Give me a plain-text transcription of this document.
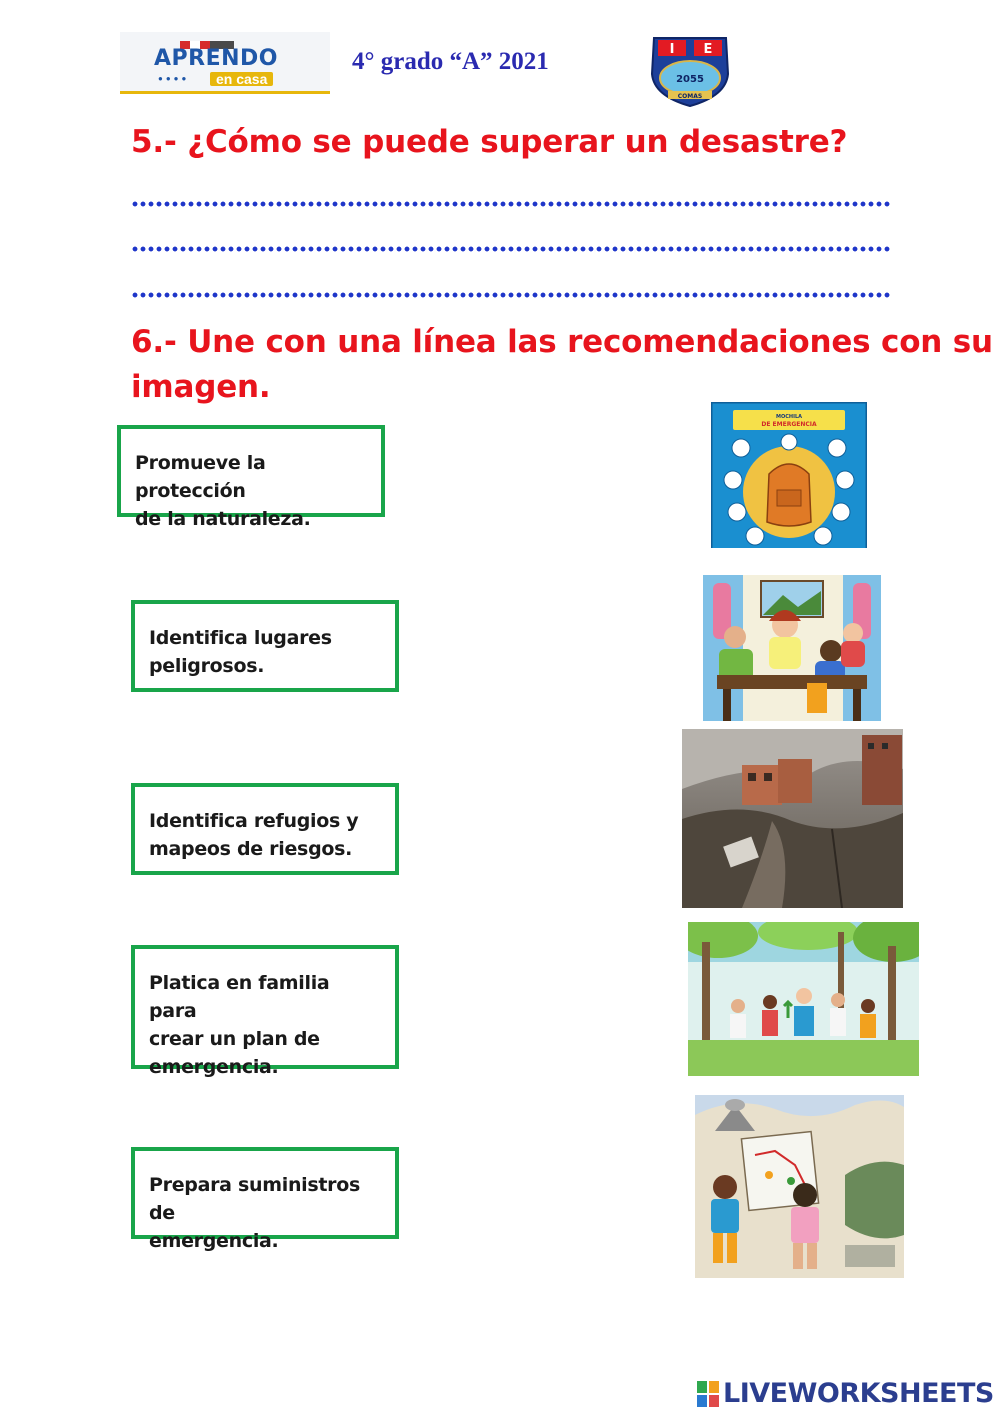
APRENDO
●●●●	en casa
4° grado “A” 2021	I E
2055
COMAS
5.- ¿Cómo se puede superar un desastre?
6.- Une con una línea las recomendaciones con su
imagen.
Promueve la protección
de la naturaleza.
Identifica lugares
peligrosos.
Identifica refugios y
mapeos de riesgos.
Platica en familia para
crear un plan de
emergencia.
Prepara suministros de
emergencia.
MOCHILA
DE EMERGENCIA
LIVEWORKSHEETS
